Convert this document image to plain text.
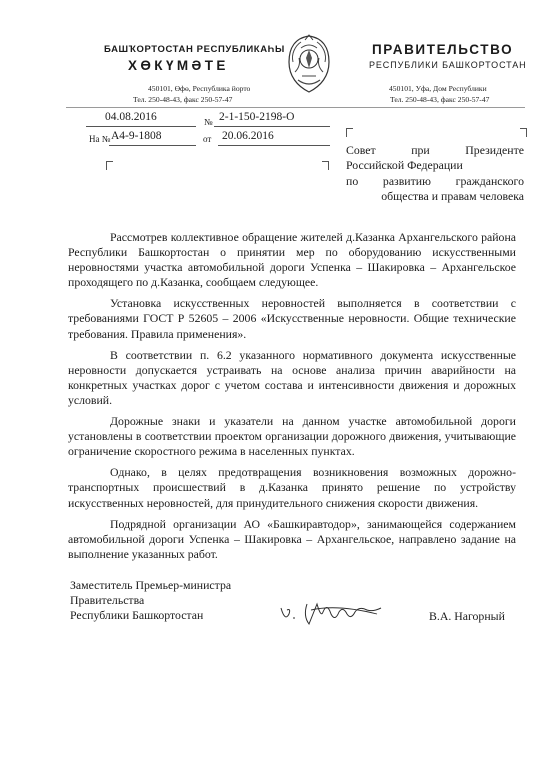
БАШҠОРТОСТАН РЕСПУБЛИКАҺЫ
ХӨКҮМӘТЕ
450101, Өфө, Республика йорто
Тел. 250-48-43, факс 250-57-47
ПРАВИТЕЛЬСТВО
РЕСПУБЛИКИ БАШКОРТОСТАН
450101, Уфа, Дом Республики
Тел. 250-48-43, факс 250-57-47
04.08.2016	№ 2-1-150-2198-О
На № А4-9-1808	от 20.06.2016
Совет при Президенте
Российской Федерации
по развитию гражданского
общества и правам человека

Рассмотрев коллективное обращение жителей д.Казанка Архангельского района Республики Башкортостан о принятии мер по оборудованию искусственными неровностями участка автомобильной дороги Успенка – Шакировка – Архангельское проходящего по д.Казанка, сообщаем следующее.

Установка искусственных неровностей выполняется в соответствии с требованиями ГОСТ Р 52605 – 2006 «Искусственные неровности. Общие технические требования. Правила применения».

В соответствии п. 6.2 указанного нормативного документа искусственные неровности допускается устраивать на основе анализа причин аварийности на конкретных участках дорог с учетом состава и интенсивности движения и дорожных условий.

Дорожные знаки и указатели на данном участке автомобильной дороги установлены в соответствии проектом организации дорожного движения, учитывающие ограничение скоростного режима в населенных пунктах.

Однако, в целях предотвращения возникновения возможных дорожно-транспортных происшествий в д.Казанка принято решение по устройству искусственных неровностей, для принудительного снижения скорости движения.

Подрядной организации АО «Башкиравтодор», занимающейся содержанием автомобильной дороги Успенка – Шакировка – Архангельское, направлено задание на выполнение указанных работ.

Заместитель Премьер-министра
Правительства
Республики Башкортостан	В.А. Нагорный
